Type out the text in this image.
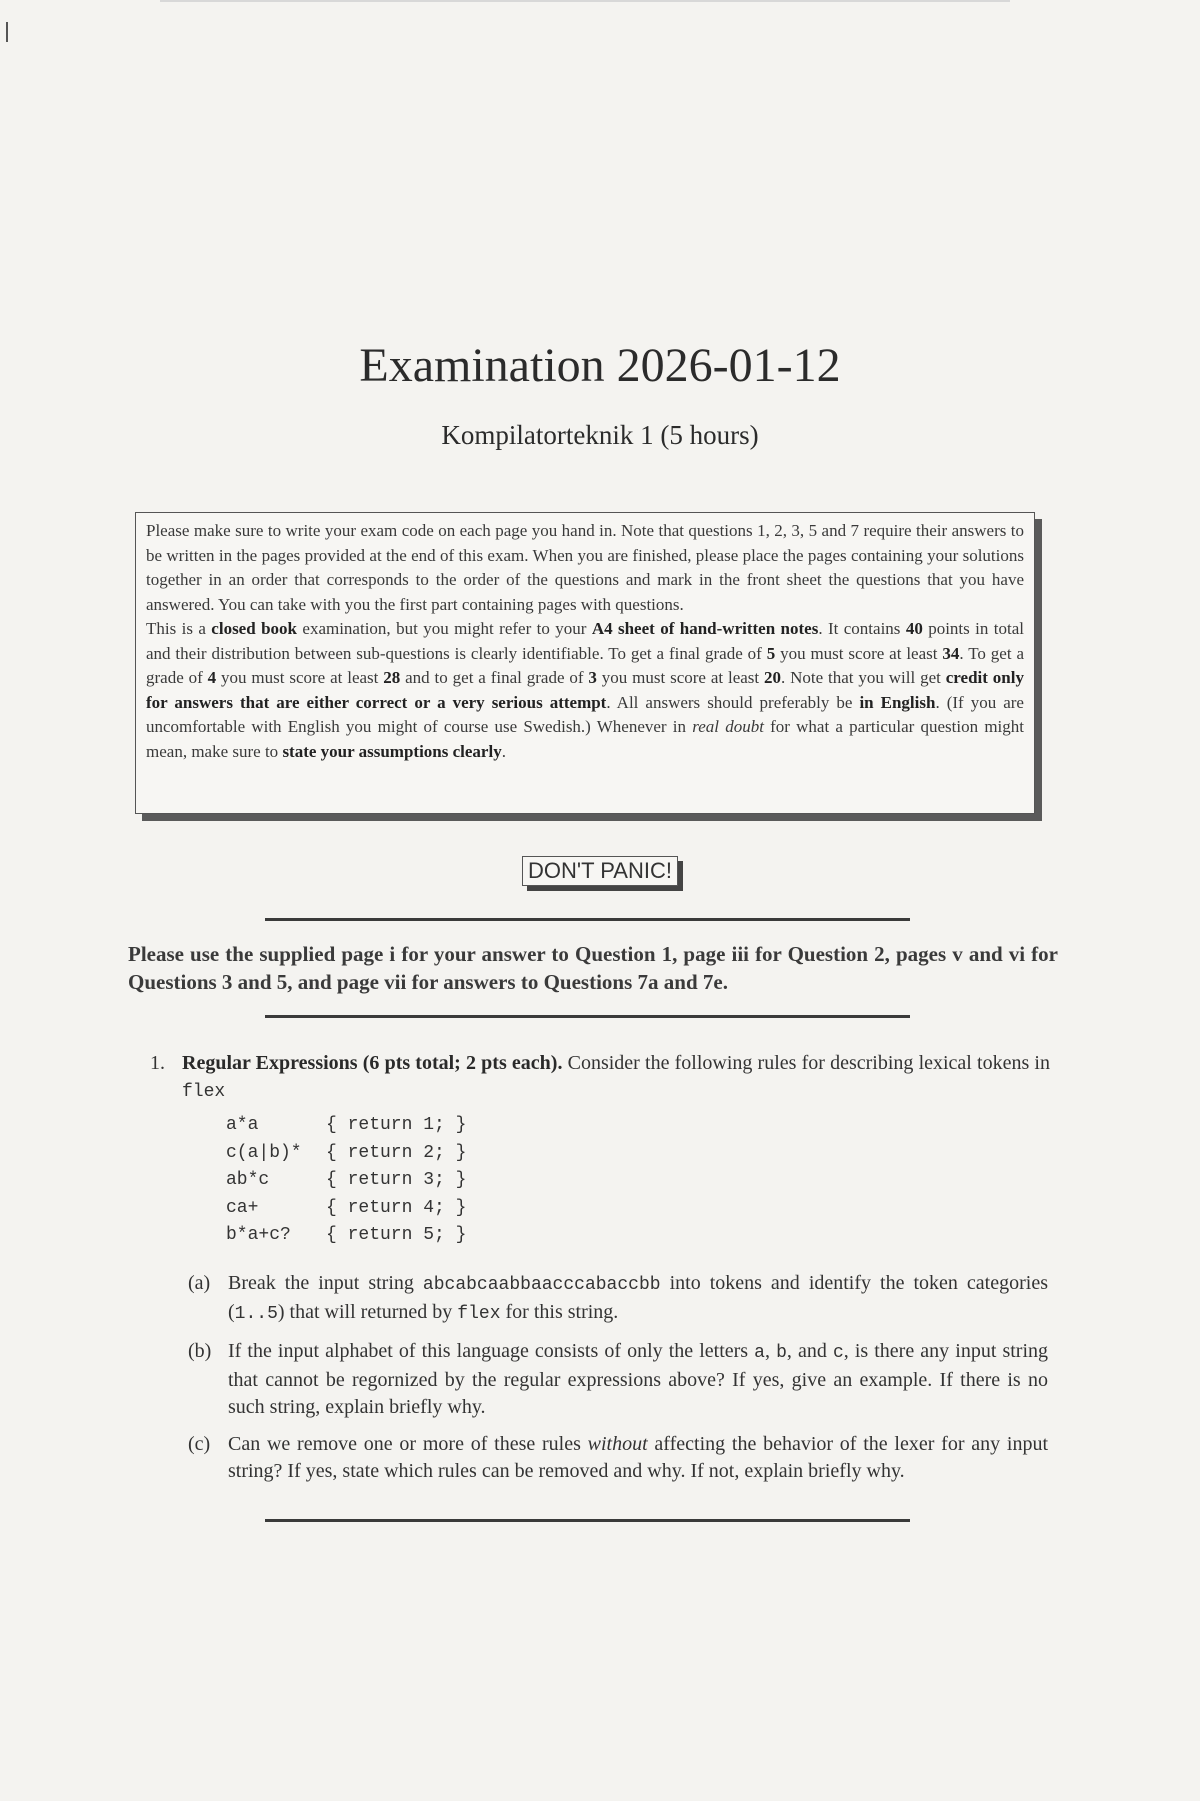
Examination 2026-01-12
Kompilatorteknik 1 (5 hours)

Please make sure to write your exam code on each page you hand in. Note that questions 1, 2, 3, 5 and 7 require their answers to be written in the pages provided at the end of this exam. When you are finished, please place the pages containing your solutions together in an order that corresponds to the order of the questions and mark in the front sheet the questions that you have answered. You can take with you the first part containing pages with questions.

This is a closed book examination, but you might refer to your A4 sheet of hand-written notes. It contains 40 points in total and their distribution between sub-questions is clearly identifiable. To get a final grade of 5 you must score at least 34. To get a grade of 4 you must score at least 28 and to get a final grade of 3 you must score at least 20. Note that you will get credit only for answers that are either correct or a very serious attempt. All answers should preferably be in English. (If you are uncomfortable with English you might of course use Swedish.) Whenever in real doubt for what a particular question might mean, make sure to state your assumptions clearly.

DON'T PANIC!
Please use the supplied page i for your answer to Question 1, page iii for Question 2, pages v and vi for Questions 3 and 5, and page vii for answers to Questions 7a and 7e.
1. Regular Expressions (6 pts total; 2 pts each). Consider the following rules for describing lexical tokens in flex
a*a	{ return 1; }
c(a|b)*	{ return 2; }
ab*c	{ return 3; }
ca+	{ return 4; }
b*a+c?	{ return 5; }
(a) Break the input string abcabcaabbaacccabaccbb into tokens and identify the token categories (1..5) that will returned by flex for this string.
(b) If the input alphabet of this language consists of only the letters a, b, and c, is there any input string that cannot be regornized by the regular expressions above? If yes, give an example. If there is no such string, explain briefly why.
(c) Can we remove one or more of these rules without affecting the behavior of the lexer for any input string? If yes, state which rules can be removed and why. If not, explain briefly why.
